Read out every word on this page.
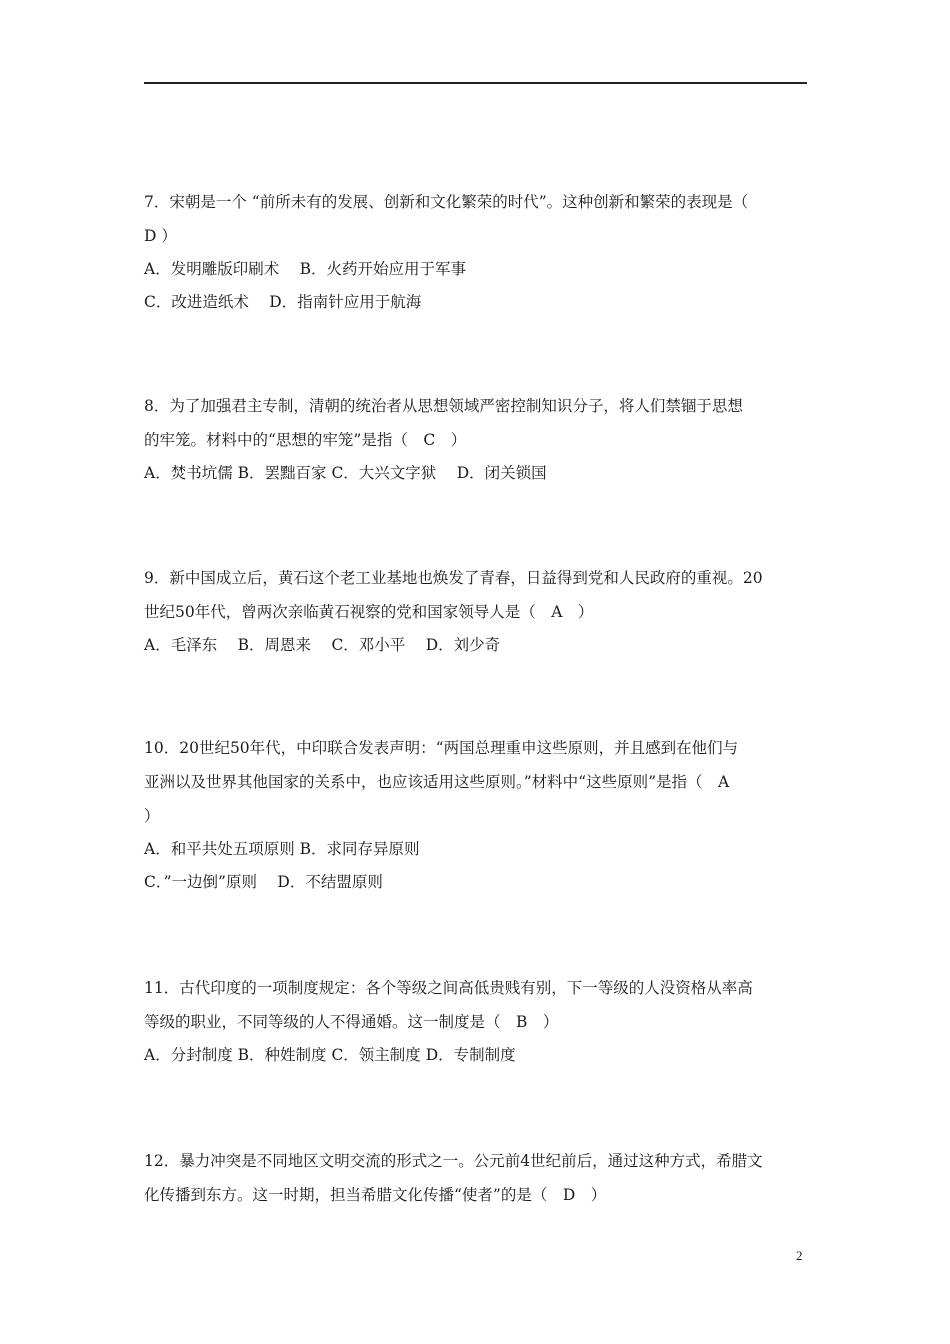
7．宋朝是一个 “前所未有的发展、创新和文化繁荣的时代”。这种创新和繁荣的表现是（
D ）
A．发明雕版印刷术　 B．火药开始应用于军事
C．改进造纸术　 D．指南针应用于航海
8．为了加强君主专制，清朝的统治者从思想领域严密控制知识分子，将人们禁锢于思想
的牢笼。材料中的“思想的牢笼”是指（　C　）
A．焚书坑儒 B．罢黜百家 C．大兴文字狱　 D．闭关锁国
9．新中国成立后，黄石这个老工业基地也焕发了青春，日益得到党和人民政府的重视。20
世纪50年代，曾两次亲临黄石视察的党和国家领导人是（　A　）
A．毛泽东　 B．周恩来　 C．邓小平　 D．刘少奇
10．20世纪50年代，中印联合发表声明：“两国总理重申这些原则，并且感到在他们与
亚洲以及世界其他国家的关系中，也应该适用这些原则。”材料中“这些原则”是指（　A
）
A．和平共处五项原则 B．求同存异原则
C．”一边倒”原则　 D．不结盟原则
11．古代印度的一项制度规定：各个等级之间高低贵贱有别，下一等级的人没资格从率高
等级的职业，不同等级的人不得通婚。这一制度是（　B　）
A．分封制度 B．种姓制度 C．领主制度 D．专制制度
12．暴力冲突是不同地区文明交流的形式之一。公元前4世纪前后，通过这种方式，希腊文
化传播到东方。这一时期，担当希腊文化传播“使者”的是（　D　）
2
